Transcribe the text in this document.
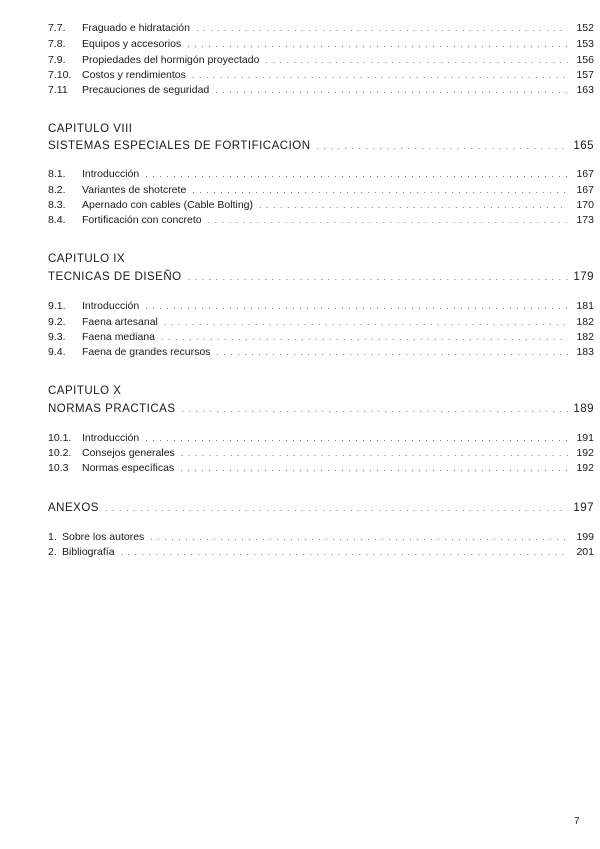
7.7.	Fraguado e hidratación . . .	152
7.8.	Equipos y accesorios . . .	153
7.9.	Propiedades del hormigón proyectado . . .	156
7.10.	Costos y rendimientos . . .	157
7.11	Precauciones de seguridad . . .	163
CAPITULO VIII
SISTEMAS ESPECIALES DE FORTIFICACION . . .	165
8.1.	Introducción . . .	167
8.2.	Variantes de shotcrete . . .	167
8.3.	Apernado con cables (Cable Bolting) . . .	170
8.4.	Fortificación con concreto . . .	173
CAPITULO IX
TECNICAS DE DISEÑO . . .	179
9.1.	Introducción . . .	181
9.2.	Faena artesanal . . .	182
9.3.	Faena mediana . . .	182
9.4.	Faena de grandes recursos . . .	183
CAPITULO X
NORMAS PRACTICAS . . .	189
10.1.	Introducción . . .	191
10.2.	Consejos generales . . .	192
10.3	Normas específicas . . .	192
ANEXOS . . .	197
1. Sobre los autores . . .	199
2. Bibliografía . . .	201
7
